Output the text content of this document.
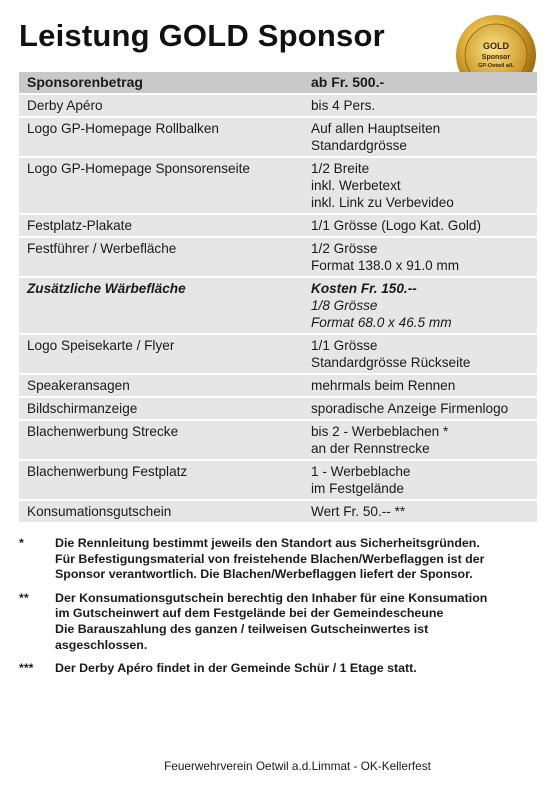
Leistung GOLD Sponsor	GOLD
Sponsor
GP-Oetwil a/L
Sponsorenbetrag	ab Fr. 500.-
Derby Apéro	bis 4 Pers.
Logo GP-Homepage Rollbalken	Auf allen Hauptseiten
Standardgrösse
Logo GP-Homepage Sponsorenseite	1/2 Breite
inkl. Werbetext
inkl. Link zu Verbevideo
Festplatz-Plakate	1/1 Grösse (Logo Kat. Gold)
Festführer / Werbefläche	1/2 Grösse
Format 138.0 x 91.0 mm
Zusätzliche Wärbefläche	Kosten Fr. 150.--
1/8 Grösse
Format 68.0 x 46.5 mm
Logo Speisekarte / Flyer	1/1 Grösse
Standardgrösse Rückseite
Speakeransagen	mehrmals beim Rennen
Bildschirmanzeige	sporadische Anzeige Firmenlogo
Blachenwerbung Strecke	bis 2 - Werbeblachen *
an der Rennstrecke
Blachenwerbung Festplatz	1 - Werbeblache
im Festgelände
Konsumationsgutschein	Wert Fr. 50.-- **
*	Die Rennleitung bestimmt jeweils den Standort aus Sicherheitsgründen.
Für Befestigungsmaterial von freistehende Blachen/Werbeflaggen ist der
Sponsor verantwortlich. Die Blachen/Werbeflaggen liefert der Sponsor.
**	Der Konsumationsgutschein berechtig den Inhaber für eine Konsumation
im Gutscheinwert auf dem Festgelände bei der Gemeindescheune
Die Barauszahlung des ganzen / teilweisen Gutscheinwertes ist
asgeschlossen.
***	Der Derby Apéro findet in der Gemeinde Schür / 1 Etage statt.
Feuerwehrverein Oetwil a.d.Limmat - OK-Kellerfest
